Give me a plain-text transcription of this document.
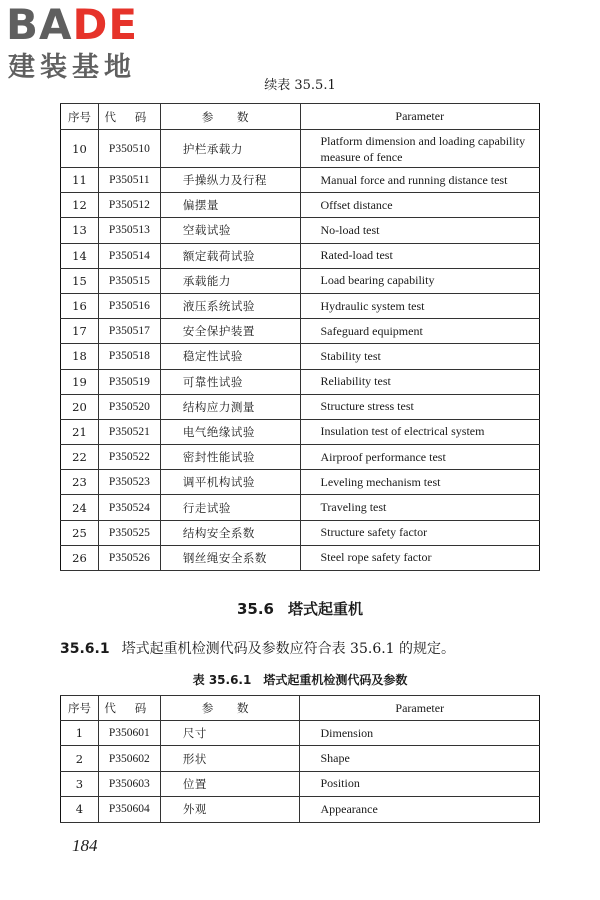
BADE
建装基地
续表 35.5.1
序号	代 码	参 数	Parameter
10	P350510	护栏承载力	Platform dimension and loading capability measure of fence
11	P350511	手操纵力及行程	Manual force and running distance test
12	P350512	偏摆量	Offset distance
13	P350513	空载试验	No-load test
14	P350514	额定载荷试验	Rated-load test
15	P350515	承载能力	Load bearing capability
16	P350516	液压系统试验	Hydraulic system test
17	P350517	安全保护装置	Safeguard equipment
18	P350518	稳定性试验	Stability test
19	P350519	可靠性试验	Reliability test
20	P350520	结构应力测量	Structure stress test
21	P350521	电气绝缘试验	Insulation test of electrical system
22	P350522	密封性能试验	Airproof performance test
23	P350523	调平机构试验	Leveling mechanism test
24	P350524	行走试验	Traveling test
25	P350525	结构安全系数	Structure safety factor
26	P350526	钢丝绳安全系数	Steel rope safety factor
35.6 塔式起重机
35.6.1 塔式起重机检测代码及参数应符合表 35.6.1 的规定。
表 35.6.1 塔式起重机检测代码及参数
序号	代 码	参 数	Parameter
1	P350601	尺寸	Dimension
2	P350602	形状	Shape
3	P350603	位置	Position
4	P350604	外观	Appearance
184
